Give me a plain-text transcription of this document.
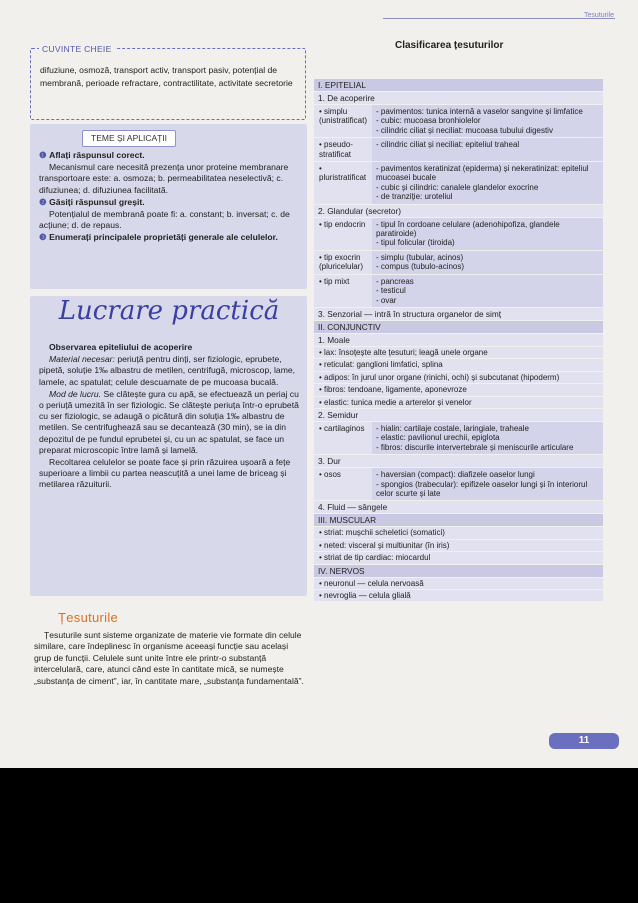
Tesuturile
CUVINTE CHEIE
difuziune, osmoză, transport activ, transport pasiv, potențial de membrană, perioade refractare, contractilitate, activitate secretorie
TEME ȘI APLICAȚII

❶ Aflați răspunsul corect.

Mecanismul care necesită prezența unor proteine membranare transportoare este: a. osmoza; b. permeabilitatea neselectivă; c. difuziunea; d. difuziunea facilitată.

❷ Găsiți răspunsul greșit.

Potențialul de membrană poate fi: a. constant; b. inversat; c. de acțiune; d. de repaus.

❸ Enumerați principalele proprietăți generale ale celulelor.

Lucrare practică

Observarea epiteliului de acoperire

Material necesar: periuță pentru dinți, ser fiziologic, eprubete, pipetă, soluție 1‰ albastru de metilen, centrifugă, microscop, lame, lamele, ac spatulat; celule descuamate de pe mucoasa bucală.

Mod de lucru. Se clătește gura cu apă, se efectuează un periaj cu o periuță umezită în ser fiziologic. Se clătește periuța într-o eprubetă cu ser fiziologic, se adaugă o picătură din soluția 1‰ albastru de metilen. Se centrifughează sau se decantează (30 min), se ia din depozitul de pe fundul eprubetei și, cu un ac spatulat, se face un preparat microscopic între lamă și lamelă.

Recoltarea celulelor se poate face și prin răzuirea ușoară a fețe superioare a limbii cu partea neascuțită a unei lame de briceag și metilarea răzuiturii.

Țesuturile
Țesuturile sunt sisteme organizate de materie vie formate din celule similare, care îndeplinesc în organisme aceeași funcție sau același grup de funcții. Celulele sunt unite între ele printr-o substanță intercelulară, care, atunci când este în cantitate mică, se numește „substanța de ciment”, iar, în cantitate mare, „substanța fundamentală”.
Clasificarea țesuturilor
I. EPITELIAL
1. De acoperire
• simplu (unistratificat)
- pavimentos: tunica internă a vaselor sangvine și limfatice
- cubic: mucoasa bronhiolelor
- cilindric ciliat și neciliat: mucoasa tubului digestiv
• pseudo-stratificat
- cilindric ciliat și neciliat: epiteliul traheal
• pluristratificat
- pavimentos keratinizat (epiderma) și nekeratinizat: epiteliul mucoasei bucale
- cubic și cilindric: canalele glandelor exocrine
- de tranziție: uroteliul
2. Glandular (secretor)
• tip endocrin	- tipul în cordoane celulare (adenohipofiza, glandele paratiroide)
- tipul folicular (tiroida)
• tip exocrin (pluricelular)
- simplu (tubular, acinos)
- compus (tubulo-acinos)
• tip mixt	- pancreas
- testicul
- ovar
3. Senzorial — intră în structura organelor de simț
II. CONJUNCTIV
1. Moale
• lax: însoțește alte țesuturi; leagă unele organe
• reticulat: ganglioni limfatici, splina
• adipos: în jurul unor organe (rinichi, ochi) și subcutanat (hipoderm)
• fibros: tendoane, ligamente, aponevroze
• elastic: tunica medie a arterelor și venelor
2. Semidur
• cartilaginos	- hialin: cartilaje costale, laringiale, traheale
- elastic: pavilionul urechii, epiglota
- fibros: discurile intervertebrale și meniscurile articulare
3. Dur
• osos	- haversian (compact): diafizele oaselor lungi
- spongios (trabecular): epifizele oaselor lungi și în interiorul celor scurte și late
4. Fluid — sângele
III. MUSCULAR
• striat: mușchii scheletici (somatici)
• neted: visceral și multiunitar (în iris)
• striat de tip cardiac: miocardul
IV. NERVOS
• neuronul — celula nervoasă
• nevroglia — celula glială
11
